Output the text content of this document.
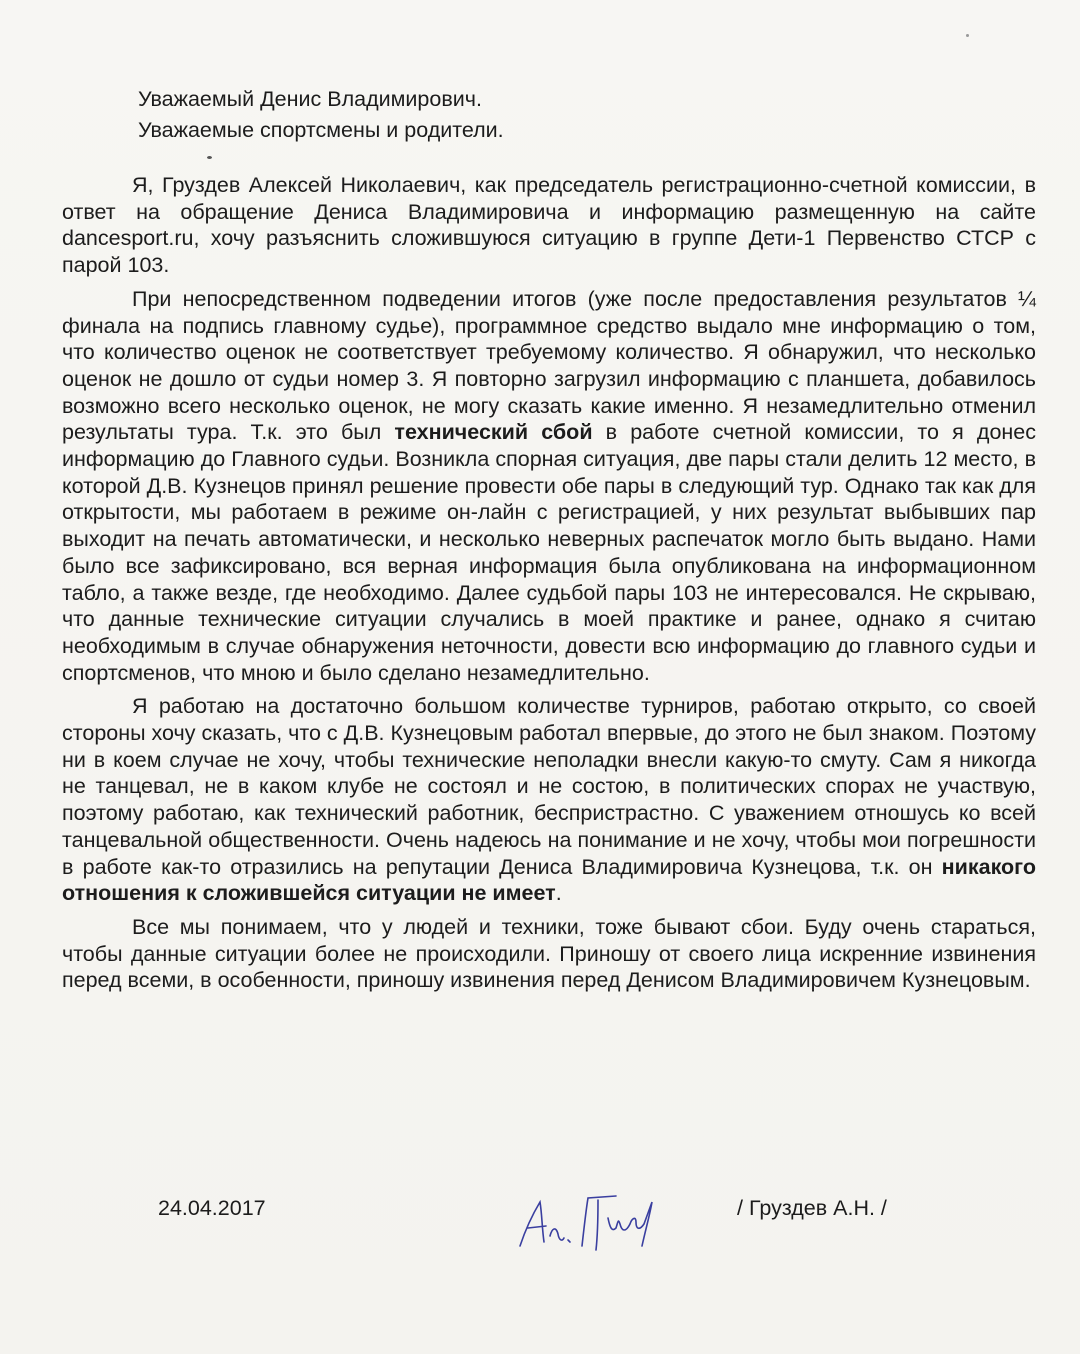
Уважаемый Денис Владимирович.

Уважаемые спортсмены и родители.

Я, Груздев Алексей Николаевич, как председатель регистрационно-счетной комиссии, в ответ на обращение Дениса Владимировича и информацию размещенную на сайте dancesport.ru, хочу разъяснить сложившуюся ситуацию в группе Дети-1 Первенство СТСР с парой 103.

При непосредственном подведении итогов (уже после предоставления результатов ¼ финала на подпись главному судье), программное средство выдало мне информацию о том, что количество оценок не соответствует требуемому количество. Я обнаружил, что несколько оценок не дошло от судьи номер 3. Я повторно загрузил информацию с планшета, добавилось возможно всего несколько оценок, не могу сказать какие именно. Я незамедлительно отменил результаты тура. Т.к. это был технический сбой в работе счетной комиссии, то я донес информацию до Главного судьи. Возникла спорная ситуация, две пары стали делить 12 место, в которой Д.В. Кузнецов принял решение провести обе пары в следующий тур. Однако так как для открытости, мы работаем в режиме он-лайн с регистрацией, у них результат выбывших пар выходит на печать автоматически, и несколько неверных распечаток могло быть выдано. Нами было все зафиксировано, вся верная информация была опубликована на информационном табло, а также везде, где необходимо. Далее судьбой пары 103 не интересовался. Не скрываю, что данные технические ситуации случались в моей практике и ранее, однако я считаю необходимым в случае обнаружения неточности, довести всю информацию до главного судьи и спортсменов, что мною и было сделано незамедлительно.

Я работаю на достаточно большом количестве турниров, работаю открыто, со своей стороны хочу сказать, что с Д.В. Кузнецовым работал впервые, до этого не был знаком. Поэтому ни в коем случае не хочу, чтобы технические неполадки внесли какую-то смуту. Сам я никогда не танцевал, не в каком клубе не состоял и не состою, в политических спорах не участвую, поэтому работаю, как технический работник, беспристрастно. С уважением отношусь ко всей танцевальной общественности. Очень надеюсь на понимание и не хочу, чтобы мои погрешности в работе как-то отразились на репутации Дениса Владимировича Кузнецова, т.к. он никакого отношения к сложившейся ситуации не имеет.

Все мы понимаем, что у людей и техники, тоже бывают сбои. Буду очень стараться, чтобы данные ситуации более не происходили. Приношу от своего лица искренние извинения перед всеми, в особенности, приношу извинения перед Денисом Владимировичем Кузнецовым.

24.04.2017	/ Груздев А.Н. /
